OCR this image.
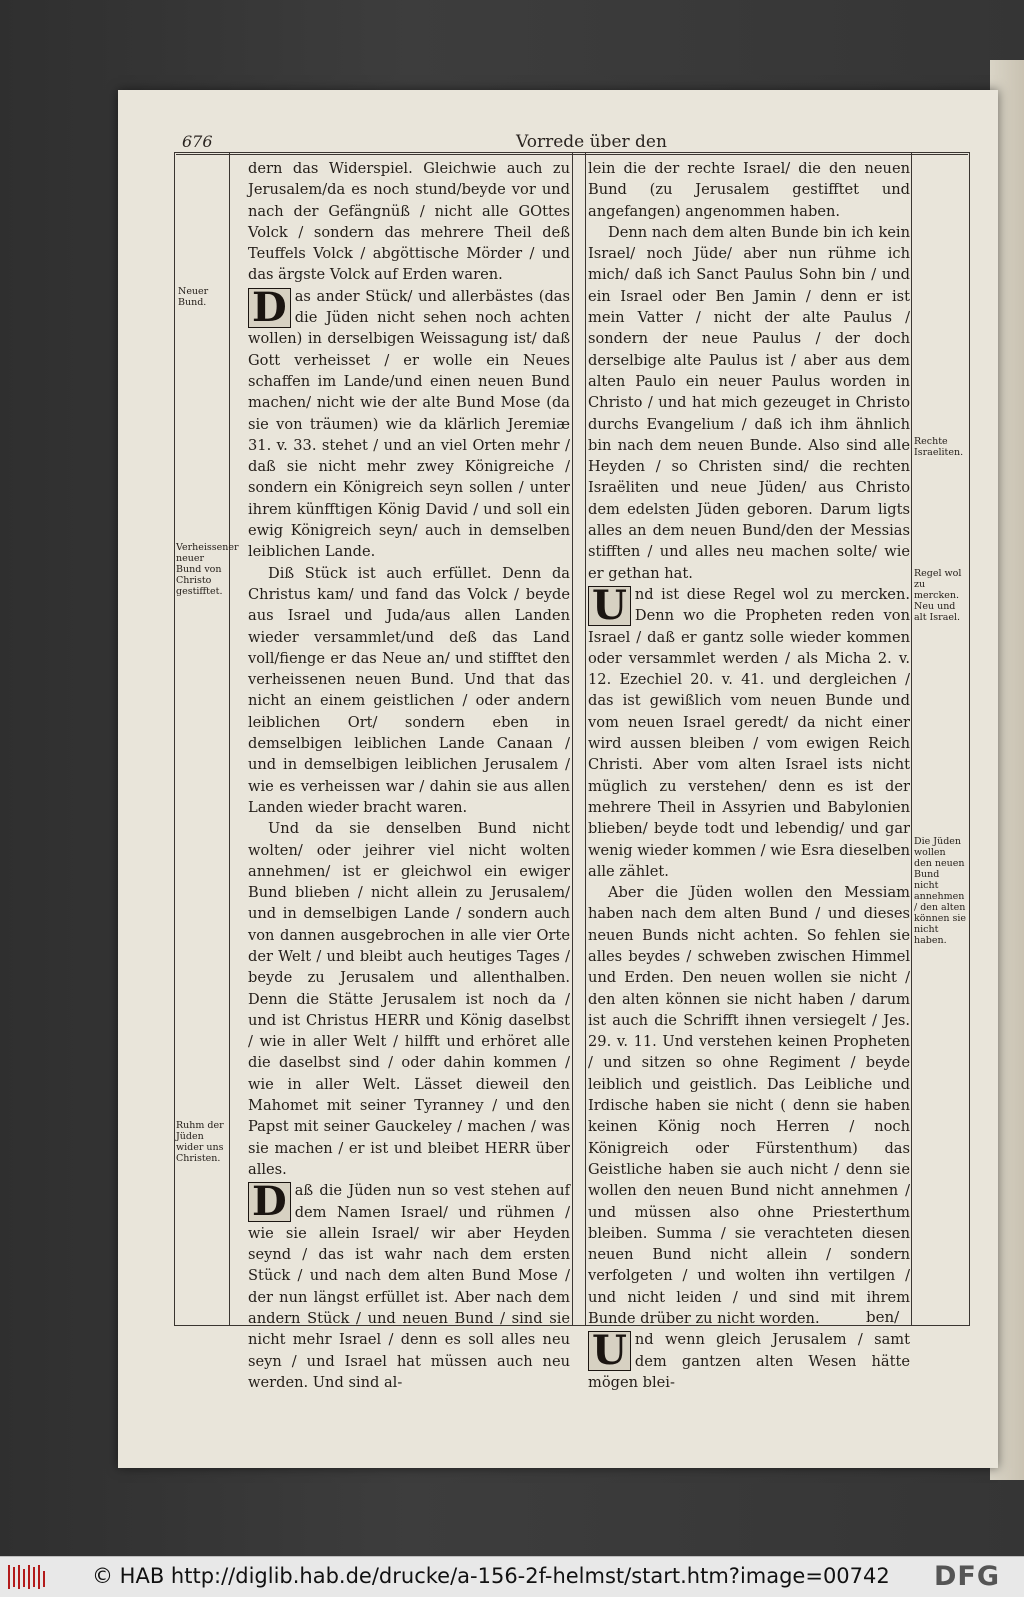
676	Vorrede über den
Neuer Bund.
Verheissener neuer Bund von Christo gestifftet.
Ruhm der Jüden wider uns Christen.
Rechte Israeliten.
Regel wol zu mercken. Neu und alt Israel.
Die Jüden wollen den neuen Bund nicht annehmen / den alten können sie nicht haben.

dern das Widerspiel. Gleichwie auch zu Jerusalem/da es noch stund/beyde vor und nach der Gefängnüß / nicht alle GOttes Volck / sondern das mehrere Theil deß Teuffels Volck / abgöttische Mörder / und das ärgste Volck auf Erden waren.

D as ander Stück/ und allerbästes (das die Jüden nicht sehen noch achten wollen) in derselbigen Weissagung ist/ daß Gott verheisset / er wolle ein Neues schaffen im Lande/und einen neuen Bund machen/ nicht wie der alte Bund Mose (da sie von träumen) wie da klärlich Jeremiæ 31. v. 33. stehet / und an viel Orten mehr / daß sie nicht mehr zwey Königreiche / sondern ein Königreich seyn sollen / unter ihrem künfftigen König David / und soll ein ewig Königreich seyn/ auch in demselben leiblichen Lande.

Diß Stück ist auch erfüllet. Denn da Christus kam/ und fand das Volck / beyde aus Israel und Juda/aus allen Landen wieder versammlet/und deß das Land voll/fienge er das Neue an/ und stifftet den verheissenen neuen Bund. Und that das nicht an einem geistlichen / oder andern leiblichen Ort/ sondern eben in demselbigen leiblichen Lande Canaan / und in demselbigen leiblichen Jerusalem / wie es verheissen war / dahin sie aus allen Landen wieder bracht waren.

Und da sie denselben Bund nicht wolten/ oder jeihrer viel nicht wolten annehmen/ ist er gleichwol ein ewiger Bund blieben / nicht allein zu Jerusalem/ und in demselbigen Lande / sondern auch von dannen ausgebrochen in alle vier Orte der Welt / und bleibt auch heutiges Tages / beyde zu Jerusalem und allenthalben. Denn die Stätte Jerusalem ist noch da / und ist Christus HERR und König daselbst / wie in aller Welt / hilfft und erhöret alle die daselbst sind / oder dahin kommen / wie in aller Welt. Lässet dieweil den Mahomet mit seiner Tyranney / und den Papst mit seiner Gauckeley / machen / was sie machen / er ist und bleibet HERR über alles.

D aß die Jüden nun so vest stehen auf dem Namen Israel/ und rühmen / wie sie allein Israel/ wir aber Heyden seynd / das ist wahr nach dem ersten Stück / und nach dem alten Bund Mose / der nun längst erfüllet ist. Aber nach dem andern Stück / und neuen Bund / sind sie nicht mehr Israel / denn es soll alles neu seyn / und Israel hat müssen auch neu werden. Und sind al-

lein die der rechte Israel/ die den neuen Bund (zu Jerusalem gestifftet und angefangen) angenommen haben.

Denn nach dem alten Bunde bin ich kein Israel/ noch Jüde/ aber nun rühme ich mich/ daß ich Sanct Paulus Sohn bin / und ein Israel oder Ben Jamin / denn er ist mein Vatter / nicht der alte Paulus / sondern der neue Paulus / der doch derselbige alte Paulus ist / aber aus dem alten Paulo ein neuer Paulus worden in Christo / und hat mich gezeuget in Christo durchs Evangelium / daß ich ihm ähnlich bin nach dem neuen Bunde. Also sind alle Heyden / so Christen sind/ die rechten Israëliten und neue Jüden/ aus Christo dem edelsten Jüden geboren. Darum ligts alles an dem neuen Bund/den der Messias stifften / und alles neu machen solte/ wie er gethan hat.

U nd ist diese Regel wol zu mercken. Denn wo die Propheten reden von Israel / daß er gantz solle wieder kommen oder versammlet werden / als Micha 2. v. 12. Ezechiel 20. v. 41. und dergleichen / das ist gewißlich vom neuen Bunde und vom neuen Israel geredt/ da nicht einer wird aussen bleiben / vom ewigen Reich Christi. Aber vom alten Israel ists nicht müglich zu verstehen/ denn es ist der mehrere Theil in Assyrien und Babylonien blieben/ beyde todt und lebendig/ und gar wenig wieder kommen / wie Esra dieselben alle zählet.

Aber die Jüden wollen den Messiam haben nach dem alten Bund / und dieses neuen Bunds nicht achten. So fehlen sie alles beydes / schweben zwischen Himmel und Erden. Den neuen wollen sie nicht / den alten können sie nicht haben / darum ist auch die Schrifft ihnen versiegelt / Jes. 29. v. 11. Und verstehen keinen Propheten / und sitzen so ohne Regiment / beyde leiblich und geistlich. Das Leibliche und Irdische haben sie nicht ( denn sie haben keinen König noch Herren / noch Königreich oder Fürstenthum) das Geistliche haben sie auch nicht / denn sie wollen den neuen Bund nicht annehmen / und müssen also ohne Priesterthum bleiben. Summa / sie verachteten diesen neuen Bund nicht allein / sondern verfolgeten / und wolten ihn vertilgen / und nicht leiden / und sind mit ihrem Bunde drüber zu nicht worden.

U nd wenn gleich Jerusalem / samt dem gantzen alten Wesen hätte mögen blei-

ben/
© HAB http://diglib.hab.de/drucke/a-156-2f-helmst/start.htm?image=00742 DFG
